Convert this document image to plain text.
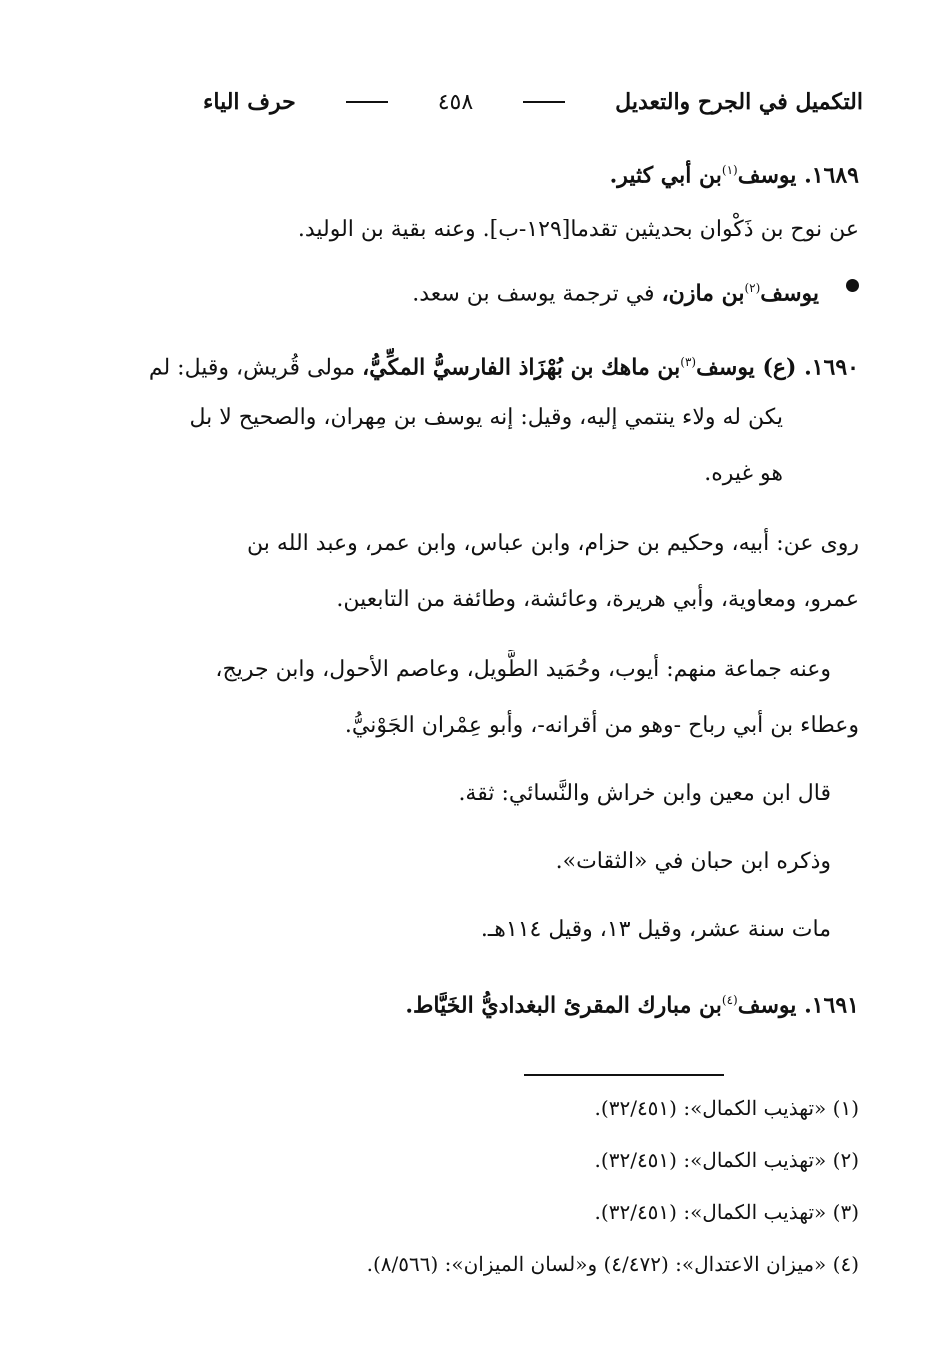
التكميل في الجرح والتعديل
٤٥٨
حرف الياء
١٦٨٩. يوسف$^{(١)}$بن أبي كثير.
عن نوح بن ذَكْوان بحديثين تقدما[١٢٩-ب]. وعنه بقية بن الوليد.
يوسف$^{(٢)}$بن مازن، في ترجمة يوسف بن سعد.
١٦٩٠. (ع) يوسف$^{(٣)}$بن ماهك بن بُهْزَاذ الفارسيُّ المكِّيُّ، مولى قُريش، وقيل: لم
يكن له ولاء ينتمي إليه، وقيل: إنه يوسف بن مِهران، والصحيح لا بل
هو غيره.
روى عن: أبيه، وحكيم بن حزام، وابن عباس، وابن عمر، وعبد الله بن
عمرو، ومعاوية، وأبي هريرة، وعائشة، وطائفة من التابعين.
وعنه جماعة منهم: أيوب، وحُمَيد الطَّويل، وعاصم الأحول، وابن جريج،
وعطاء بن أبي رباح -وهو من أقرانه-، وأبو عِمْران الجَوْنيُّ.
قال ابن معين وابن خراش والنَّسائي: ثقة.
وذكره ابن حبان في «الثقات».
مات سنة عشر، وقيل ١٣، وقيل ١١٤هـ.
١٦٩١. يوسف$^{(٤)}$بن مبارك المقرئ البغداديُّ الخَيَّاط.
(١) «تهذيب الكمال»: (٣٢/٤٥١).
(٢) «تهذيب الكمال»: (٣٢/٤٥١).
(٣) «تهذيب الكمال»: (٣٢/٤٥١).
(٤) «ميزان الاعتدال»: (٤/٤٧٢) و«لسان الميزان»: (٨/٥٦٦).
